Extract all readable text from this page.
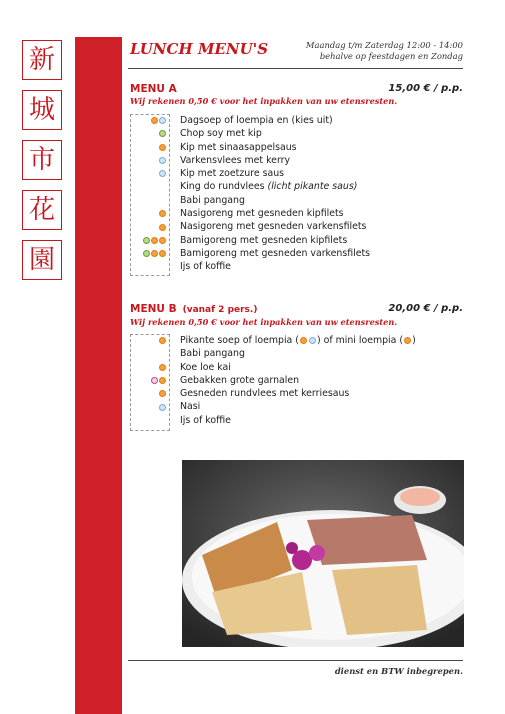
新
城
市
花
園
LUNCH MENU'S	Maandag t/m Zaterdag 12:00 - 14:00
behalve op feestdagen en Zondag
MENU A	15,00 € / p.p.
Wij rekenen 0,50 € voor het inpakken van uw etensresten.
Dagsoep of loempia en (kies uit)
Chop soy met kip
Kip met sinaasappelsaus
Varkensvlees met kerry
Kip met zoetzure saus
King do rundvlees (licht pikante saus)
Babi pangang
Nasigoreng met gesneden kipfilets
Nasigoreng met gesneden varkensfilets
Bamigoreng met gesneden kipfilets
Bamigoreng met gesneden varkensfilets
Ijs of koffie
MENU B (vanaf 2 pers.)	20,00 € / p.p.
Wij rekenen 0,50 € voor het inpakken van uw etensresten.
Pikante soep of loempia ( ) of mini loempia ( )
Babi pangang
Koe loe kai
Gebakken grote garnalen
Gesneden rundvlees met kerriesaus
Nasi
Ijs of koffie
dienst en BTW inbegrepen.
